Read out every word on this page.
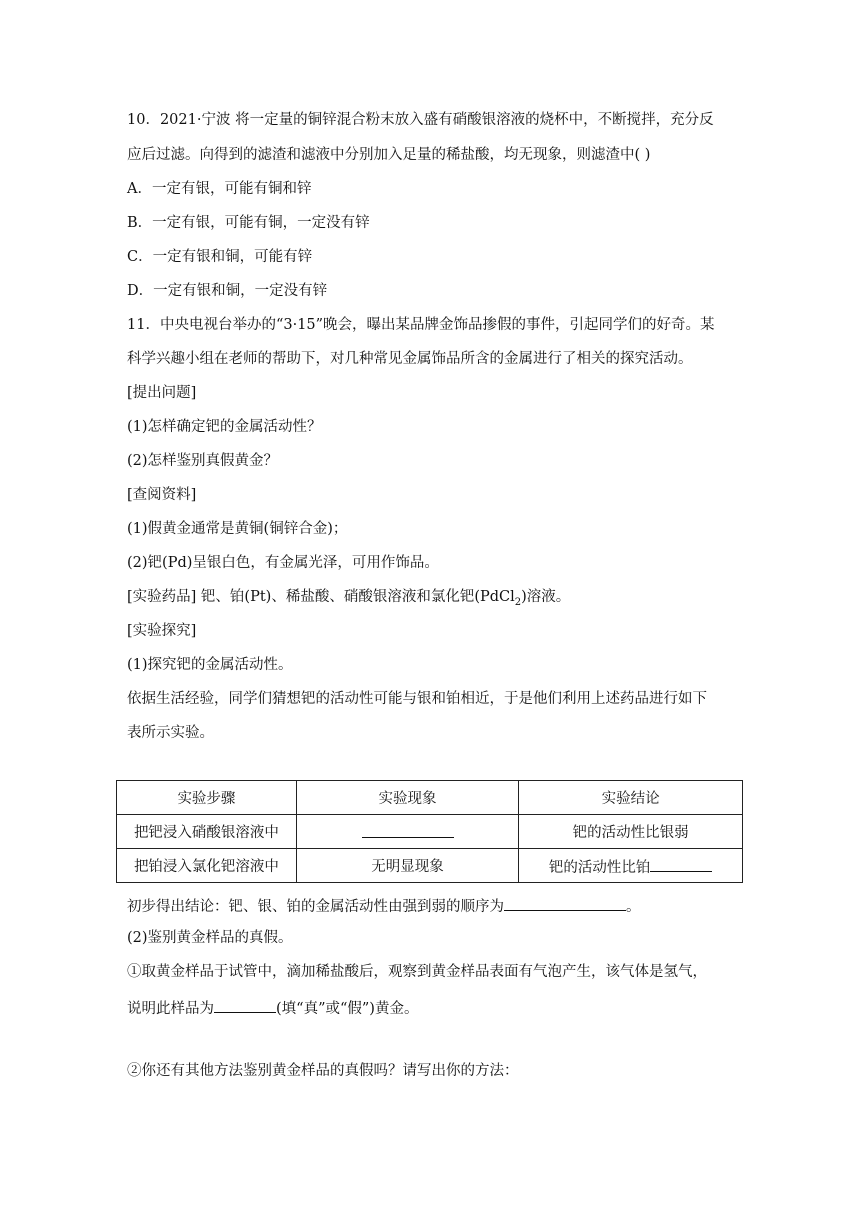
10．2021·宁波 将一定量的铜锌混合粉末放入盛有硝酸银溶液的烧杯中，不断搅拌，充分反
应后过滤。向得到的滤渣和滤液中分别加入足量的稀盐酸，均无现象，则滤渣中( )
A．一定有银，可能有铜和锌
B．一定有银，可能有铜，一定没有锌
C．一定有银和铜，可能有锌
D．一定有银和铜，一定没有锌
11．中央电视台举办的“3·15”晚会，曝出某品牌金饰品掺假的事件，引起同学们的好奇。某
科学兴趣小组在老师的帮助下，对几种常见金属饰品所含的金属进行了相关的探究活动。
[提出问题]
(1)怎样确定钯的金属活动性？
(2)怎样鉴别真假黄金？
[查阅资料]
(1)假黄金通常是黄铜(铜锌合金)；
(2)钯(Pd)呈银白色，有金属光泽，可用作饰品。
[实验药品] 钯、铂(Pt)、稀盐酸、硝酸银溶液和氯化钯(PdCl$_2$)溶液。
[实验探究]
(1)探究钯的金属活动性。
依据生活经验，同学们猜想钯的活动性可能与银和铂相近，于是他们利用上述药品进行如下
表所示实验。
实验步骤	实验现象	实验结论
把钯浸入硝酸银溶液中		钯的活动性比银弱
把铂浸入氯化钯溶液中	无明显现象	钯的活动性比铂
初步得出结论：钯、银、铂的金属活动性由强到弱的顺序为	。
(2)鉴别黄金样品的真假。
①取黄金样品于试管中，滴加稀盐酸后，观察到黄金样品表面有气泡产生，该气体是氢气，
说明此样品为	(填“真”或“假”)黄金。
②你还有其他方法鉴别黄金样品的真假吗？请写出你的方法：
